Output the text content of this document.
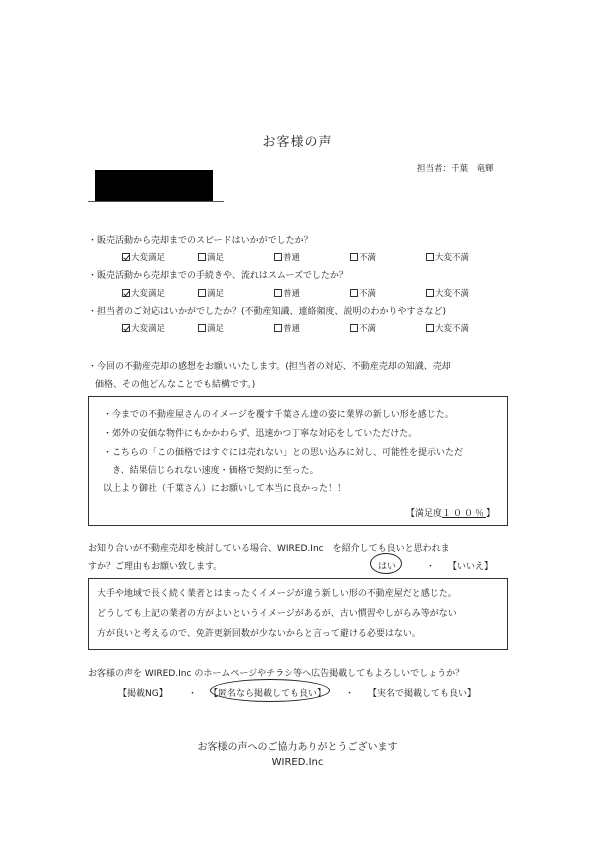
お客様の声
担当者：千葉　竜輝
・販売活動から売却までのスピードはいかがでしたか？
大変満足	満足	普通	不満	大変不満
・販売活動から売却までの手続きや、流れはスムーズでしたか？
大変満足	満足	普通	不満	大変不満
・担当者のご対応はいかがでしたか？(不動産知識、連絡頻度、説明のわかりやすさなど)
大変満足	満足	普通	不満	大変不満
・今回の不動産売却の感想をお願いいたします。(担当者の対応、不動産売却の知識、売却
価格、その他どんなことでも結構です。)
・今までの不動産屋さんのイメージを覆す千葉さん達の姿に業界の新しい形を感じた。
・郊外の安価な物件にもかかわらず、迅速かつ丁寧な対応をしていただけた。
・こちらの「この価格ではすぐには売れない」との思い込みに対し、可能性を提示いただ
　き、結果信じられない速度・価格で契約に至った。
以上より御社（千葉さん）にお願いして本当に良かった！！
【満足度１００％】
お知り合いが不動産売却を検討している場合、WIRED.Inc　を紹介しても良いと思われま
すか？ご理由もお願い致します。	はい	・ 【いいえ】
大手や地域で長く続く業者とはまったくイメージが違う新しい形の不動産屋だと感じた。
どうしても上記の業者の方がよいというイメージがあるが、古い慣習やしがらみ等がない
方が良いと考えるので、免許更新回数が少ないからと言って避ける必要はない。
お客様の声を WIRED.Inc のホームページやチラシ等へ広告掲載してもよろしいでしょうか？
【掲載NG】 ・ 【匿名なら掲載しても良い】 ・ 【実名で掲載しても良い】
お客様の声へのご協力ありがとうございます
WIRED.Inc
